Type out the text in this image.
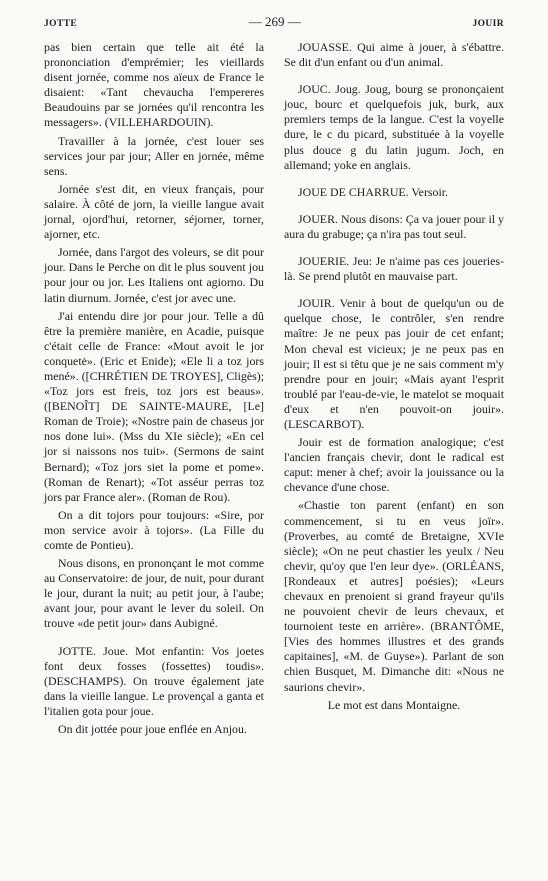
JOTTE	— 269 —	JOUIR

pas bien certain que telle ait été la prononciation d'emprémier; les vieillards disent jornée, comme nos aïeux de France le disaient: «Tant chevaucha l'empereres Beaudouins par se jornées qu'il rencontra les messagers». (VILLEHARDOUIN).

Travailler à la jornée, c'est louer ses services jour par jour; Aller en jornée, même sens.

Jornée s'est dit, en vieux français, pour salaire. À côté de jorn, la vieille langue avait jornal, ojord'hui, retorner, séjorner, torner, ajorner, etc.

Jornée, dans l'argot des voleurs, se dit pour jour. Dans le Perche on dit le plus souvent jou pour jour ou jor. Les Italiens ont agiorno. Du latin diurnum. Jornée, c'est jor avec une.

J'ai entendu dire jor pour jour. Telle a dû être la première manière, en Acadie, puisque c'était celle de France: «Mout avoit le jor conquetė». (Eric et Enide); «Ele li a toz jors mené». ([CHRÉTIEN DE TROYES], Cligès); «Toz jors est freis, toz jors est beaus». ([BENOÎT] DE SAINTE-MAURE, [Le] Roman de Troie); «Nostre pain de chaseus jor nos done lui». (Mss du XIe siècle); «En cel jor si naissons nos tuit». (Sermons de saint Bernard); «Toz jors siet la pome et pome». (Roman de Renart); «Tot asséur perras toz jors par France aler». (Roman de Rou).

On a dit tojors pour toujours: «Sire, por mon service avoir à tojors». (La Fille du comte de Pontieu).

Nous disons, en prononçant le mot comme au Conservatoire: de jour, de nuit, pour durant le jour, durant la nuit; au petit jour, à l'aube; avant jour, pour avant le lever du soleil. On trouve «de petit jour» dans Aubigné.

JOTTE. Joue. Mot enfantin: Vos joetes font deux fosses (fossettes) toudis». (DESCHAMPS). On trouve également jate dans la vieille langue. Le provençal a ganta et l'italien gota pour joue.

On dit jottée pour joue enflée en Anjou.

JOUASSE. Qui aime à jouer, à s'ébattre. Se dit d'un enfant ou d'un animal.

JOUC. Joug. Joug, bourg se prononçaient jouc, bourc et quelquefois juk, burk, aux premiers temps de la langue. C'est la voyelle dure, le c du picard, substituée à la voyelle plus douce g du latin jugum. Joch, en allemand; yoke en anglais.

JOUE DE CHARRUE. Versoir.

JOUER. Nous disons: Ça va jouer pour il y aura du grabuge; ça n'ira pas tout seul.

JOUERIE. Jeu: Je n'aime pas ces joueries-là. Se prend plutôt en mauvaise part.

JOUIR. Venir à bout de quelqu'un ou de quelque chose, le contrôler, s'en rendre maître: Je ne peux pas jouir de cet enfant; Mon cheval est vicieux; je ne peux pas en jouir; Il est si têtu que je ne sais comment m'y prendre pour en jouir; «Mais ayant l'esprit troublé par l'eau-de-vie, le matelot se moquait d'eux et n'en pouvoit-on jouir». (LESCARBOT).

Jouir est de formation analogique; c'est l'ancien français chevir, dont le radical est caput: mener à chef; avoir la jouissance ou la chevance d'une chose.

«Chastie ton parent (enfant) en son commencement, si tu en veus joïr». (Proverbes, au comté de Bretaigne, XVIe siècle); «On ne peut chastier les yeulx / Neu chevir, qu'oy que l'en leur dye». (ORLÉANS, [Rondeaux et autres] poésies); «Leurs chevaux en prenoient si grand frayeur qu'ils ne pouvoient chevir de leurs chevaux, et tournoient teste en arrière». (BRANTÔME, [Vies des hommes illustres et des grands capitaines], «M. de Guyse»). Parlant de son chien Busquet, M. Dimanche dit: «Nous ne saurions chevir».

Le mot est dans Montaigne.
